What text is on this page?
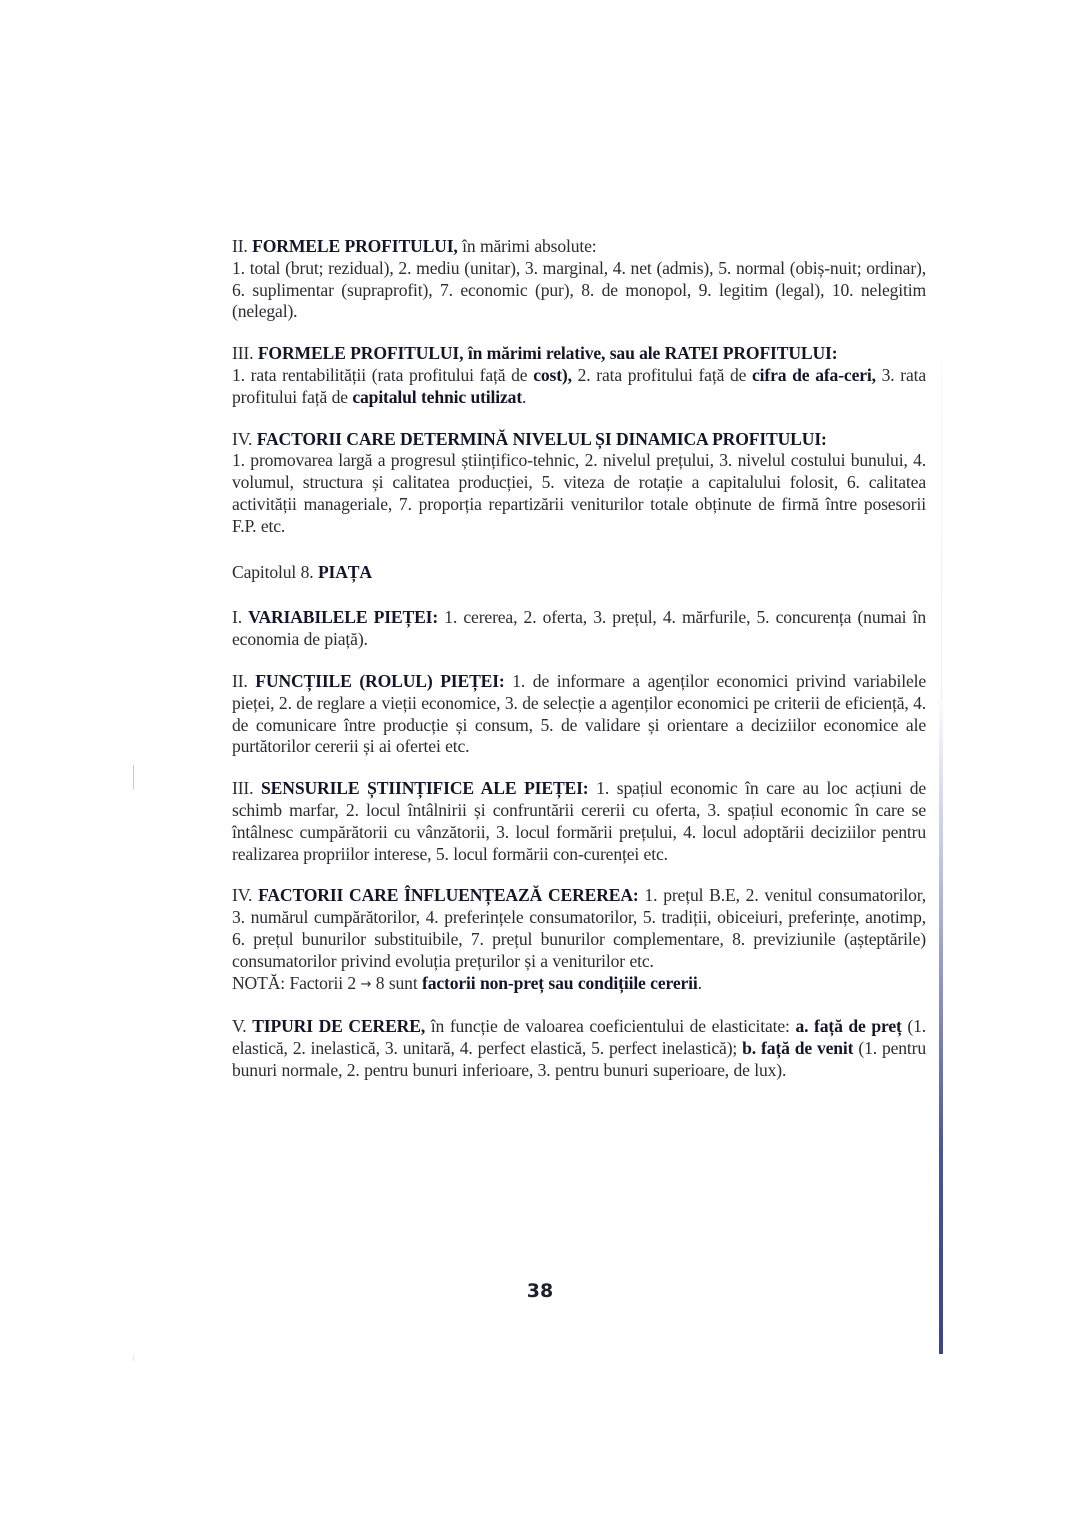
II. FORMELE PROFITULUI, în mărimi absolute:
1. total (brut; rezidual), 2. mediu (unitar), 3. marginal, 4. net (admis), 5. normal (obiș-nuit; ordinar), 6. suplimentar (supraprofit), 7. economic (pur), 8. de monopol, 9. legitim (legal), 10. nelegitim (nelegal).
III. FORMELE PROFITULUI, în mărimi relative, sau ale RATEI PROFITULUI:
1. rata rentabilității (rata profitului față de cost), 2. rata profitului față de cifra de afa-ceri, 3. rata profitului față de capitalul tehnic utilizat.
IV. FACTORII CARE DETERMINĂ NIVELUL ȘI DINAMICA PROFITULUI:
1. promovarea largă a progresul științifico-tehnic, 2. nivelul prețului, 3. nivelul costului bunului, 4. volumul, structura și calitatea producției, 5. viteza de rotație a capitalului folosit, 6. calitatea activității manageriale, 7. proporția repartizării veniturilor totale obținute de firmă între posesorii F.P. etc.
Capitolul 8. PIAȚA
I. VARIABILELE PIEȚEI: 1. cererea, 2. oferta, 3. prețul, 4. mărfurile, 5. concurența (numai în economia de piață).
II. FUNCȚIILE (ROLUL) PIEȚEI: 1. de informare a agenților economici privind variabilele pieței, 2. de reglare a vieții economice, 3. de selecție a agenților economici pe criterii de eficiență, 4. de comunicare între producție și consum, 5. de validare și orientare a deciziilor economice ale purtătorilor cererii și ai ofertei etc.
III. SENSURILE ȘTIINȚIFICE ALE PIEȚEI: 1. spațiul economic în care au loc acțiuni de schimb marfar, 2. locul întâlnirii și confruntării cererii cu oferta, 3. spațiul economic în care se întâlnesc cumpărătorii cu vânzătorii, 3. locul formării prețului, 4. locul adoptării deciziilor pentru realizarea propriilor interese, 5. locul formării con-curenței etc.
IV. FACTORII CARE ÎNFLUENȚEAZĂ CEREREA: 1. prețul B.E, 2. venitul consumatorilor, 3. numărul cumpărătorilor, 4. preferințele consumatorilor, 5. tradiții, obiceiuri, preferințe, anotimp, 6. prețul bunurilor substituibile, 7. prețul bunurilor complementare, 8. previziunile (așteptările) consumatorilor privind evoluția prețurilor și a veniturilor etc.
NOTĂ: Factorii 2 → 8 sunt factorii non-preț sau condițiile cererii.
V. TIPURI DE CERERE, în funcție de valoarea coeficientului de elasticitate: a. față de preț (1. elastică, 2. inelastică, 3. unitară, 4. perfect elastică, 5. perfect inelastică); b. față de venit (1. pentru bunuri normale, 2. pentru bunuri inferioare, 3. pentru bunuri superioare, de lux).
38
